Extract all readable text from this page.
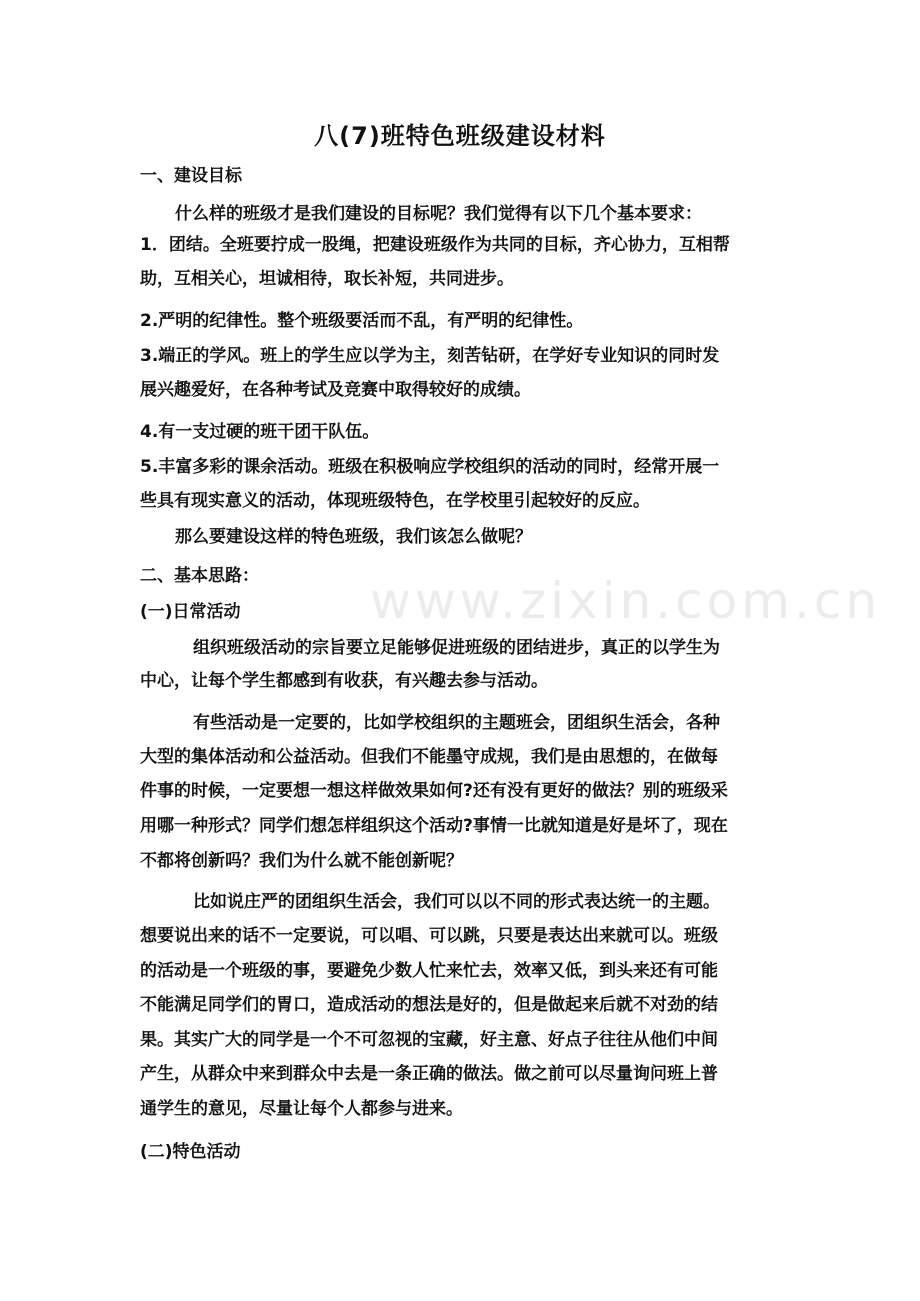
八(7)班特色班级建设材料
一、建设目标
什么样的班级才是我们建设的目标呢？我们觉得有以下几个基本要求：
1．团结。全班要拧成一股绳，把建设班级作为共同的目标，齐心协力，互相帮
助，互相关心，坦诚相待，取长补短，共同进步。
2.严明的纪律性。整个班级要活而不乱，有严明的纪律性。
3.端正的学风。班上的学生应以学为主，刻苦钻研，在学好专业知识的同时发
展兴趣爱好，在各种考试及竞赛中取得较好的成绩。
4.有一支过硬的班干团干队伍。
5.丰富多彩的课余活动。班级在积极响应学校组织的活动的同时，经常开展一
些具有现实意义的活动，体现班级特色，在学校里引起较好的反应。
那么要建设这样的特色班级，我们该怎么做呢？
二、基本思路：
(一)日常活动
组织班级活动的宗旨要立足能够促进班级的团结进步，真正的以学生为
中心，让每个学生都感到有收获，有兴趣去参与活动。
有些活动是一定要的，比如学校组织的主题班会，团组织生活会，各种
大型的集体活动和公益活动。但我们不能墨守成规，我们是由思想的，在做每
件事的时候，一定要想一想这样做效果如何?还有没有更好的做法？别的班级采
用哪一种形式？同学们想怎样组织这个活动?事情一比就知道是好是坏了，现在
不都将创新吗？我们为什么就不能创新呢？
比如说庄严的团组织生活会，我们可以以不同的形式表达统一的主题。
想要说出来的话不一定要说，可以唱、可以跳，只要是表达出来就可以。班级
的活动是一个班级的事，要避免少数人忙来忙去，效率又低，到头来还有可能
不能满足同学们的胃口，造成活动的想法是好的，但是做起来后就不对劲的结
果。其实广大的同学是一个不可忽视的宝藏，好主意、好点子往往从他们中间
产生，从群众中来到群众中去是一条正确的做法。做之前可以尽量询问班上普
通学生的意见，尽量让每个人都参与进来。
(二)特色活动
www.zixin.com.cn
